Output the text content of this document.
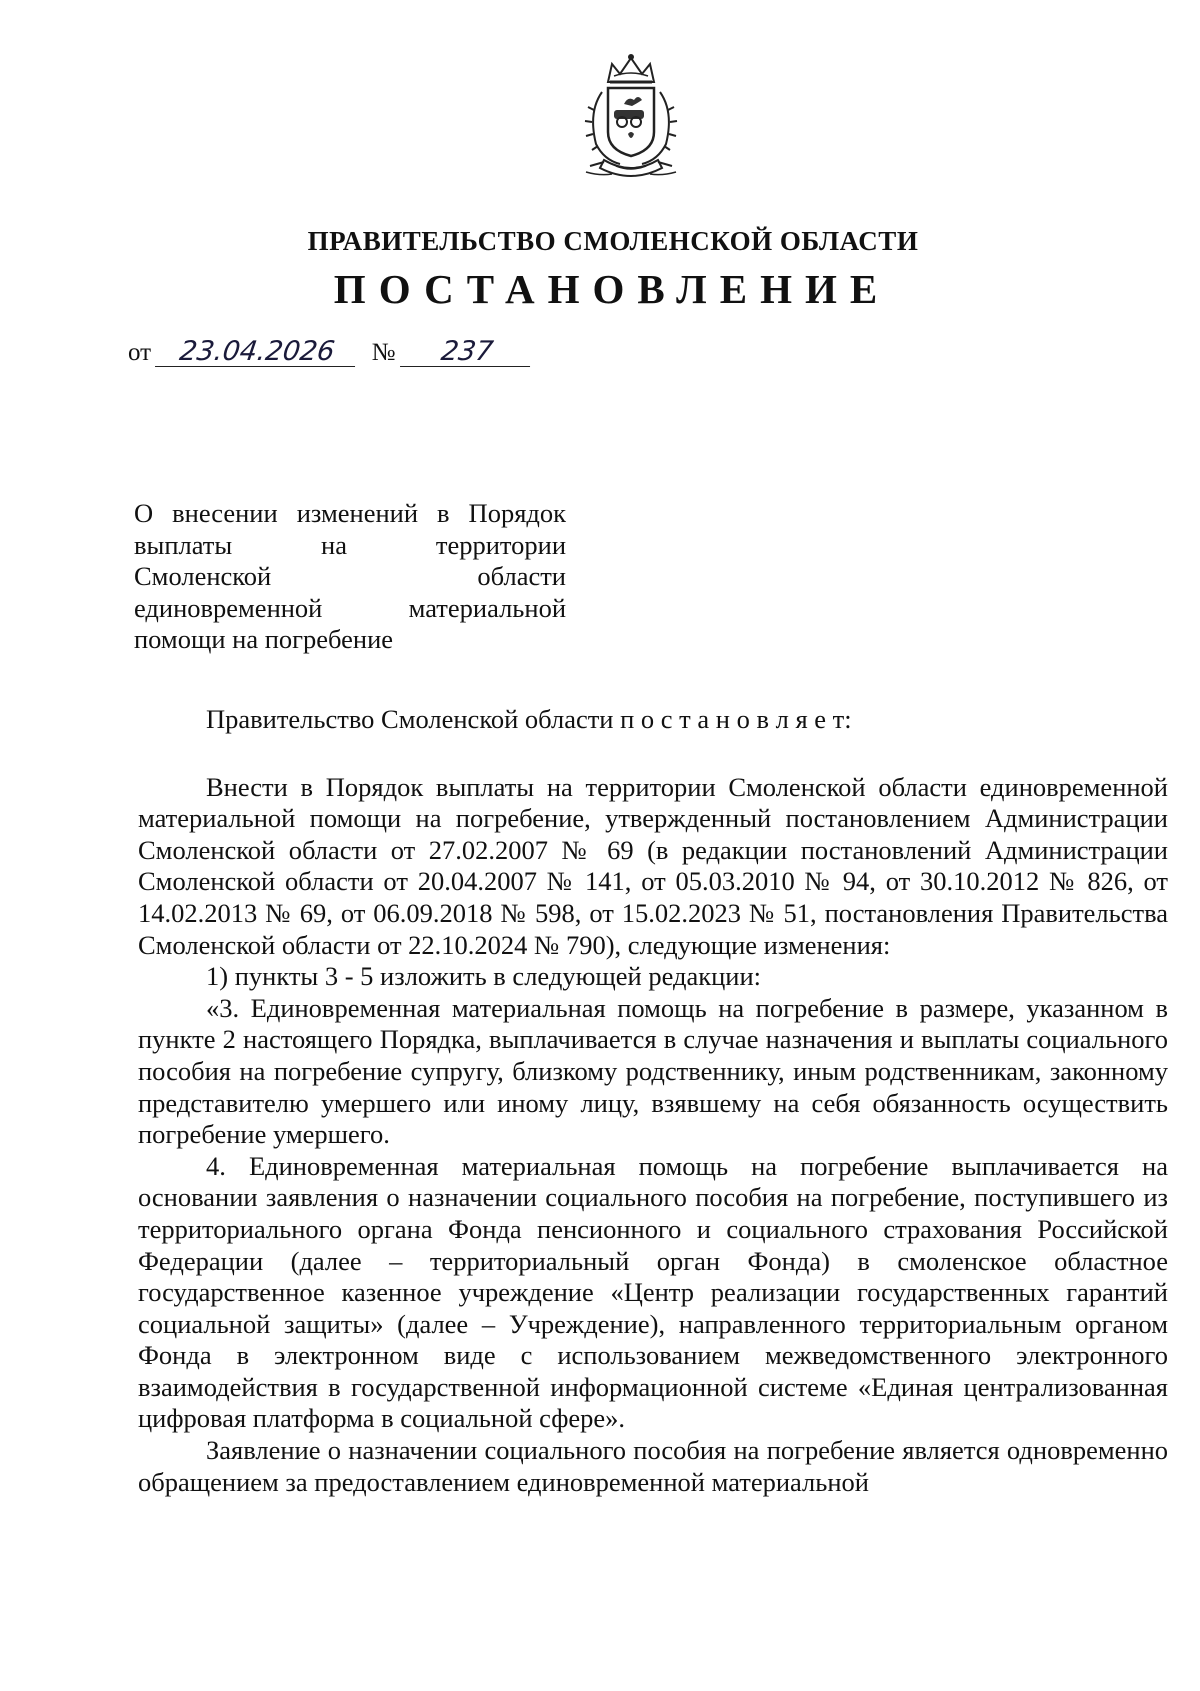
ПРАВИТЕЛЬСТВО СМОЛЕНСКОЙ ОБЛАСТИ
ПОСТАНОВЛЕНИЕ
от 23.04.2026 № 237
О внесении изменений в Порядок
выплаты на территории
Смоленской области
единовременной материальной
помощи на погребение

Правительство Смоленской области п о с т а н о в л я е т:

Внести в Порядок выплаты на территории Смоленской области единовременной материальной помощи на погребение, утвержденный постановлением Администрации Смоленской области от 27.02.2007 № 69 (в редакции постановлений Администрации Смоленской области от 20.04.2007 № 141, от 05.03.2010 № 94, от 30.10.2012 № 826, от 14.02.2013 № 69, от 06.09.2018 № 598, от 15.02.2023 № 51, постановления Правительства Смоленской области от 22.10.2024 № 790), следующие изменения:

1) пункты 3 - 5 изложить в следующей редакции:

«3. Единовременная материальная помощь на погребение в размере, указанном в пункте 2 настоящего Порядка, выплачивается в случае назначения и выплаты социального пособия на погребение супругу, близкому родственнику, иным родственникам, законному представителю умершего или иному лицу, взявшему на себя обязанность осуществить погребение умершего.

4. Единовременная материальная помощь на погребение выплачивается на основании заявления о назначении социального пособия на погребение, поступившего из территориального органа Фонда пенсионного и социального страхования Российской Федерации (далее – территориальный орган Фонда) в смоленское областное государственное казенное учреждение «Центр реализации государственных гарантий социальной защиты» (далее – Учреждение), направленного территориальным органом Фонда в электронном виде с использованием межведомственного электронного взаимодействия в государственной информационной системе «Единая централизованная цифровая платформа в социальной сфере».

Заявление о назначении социального пособия на погребение является одновременно обращением за предоставлением единовременной материальной
